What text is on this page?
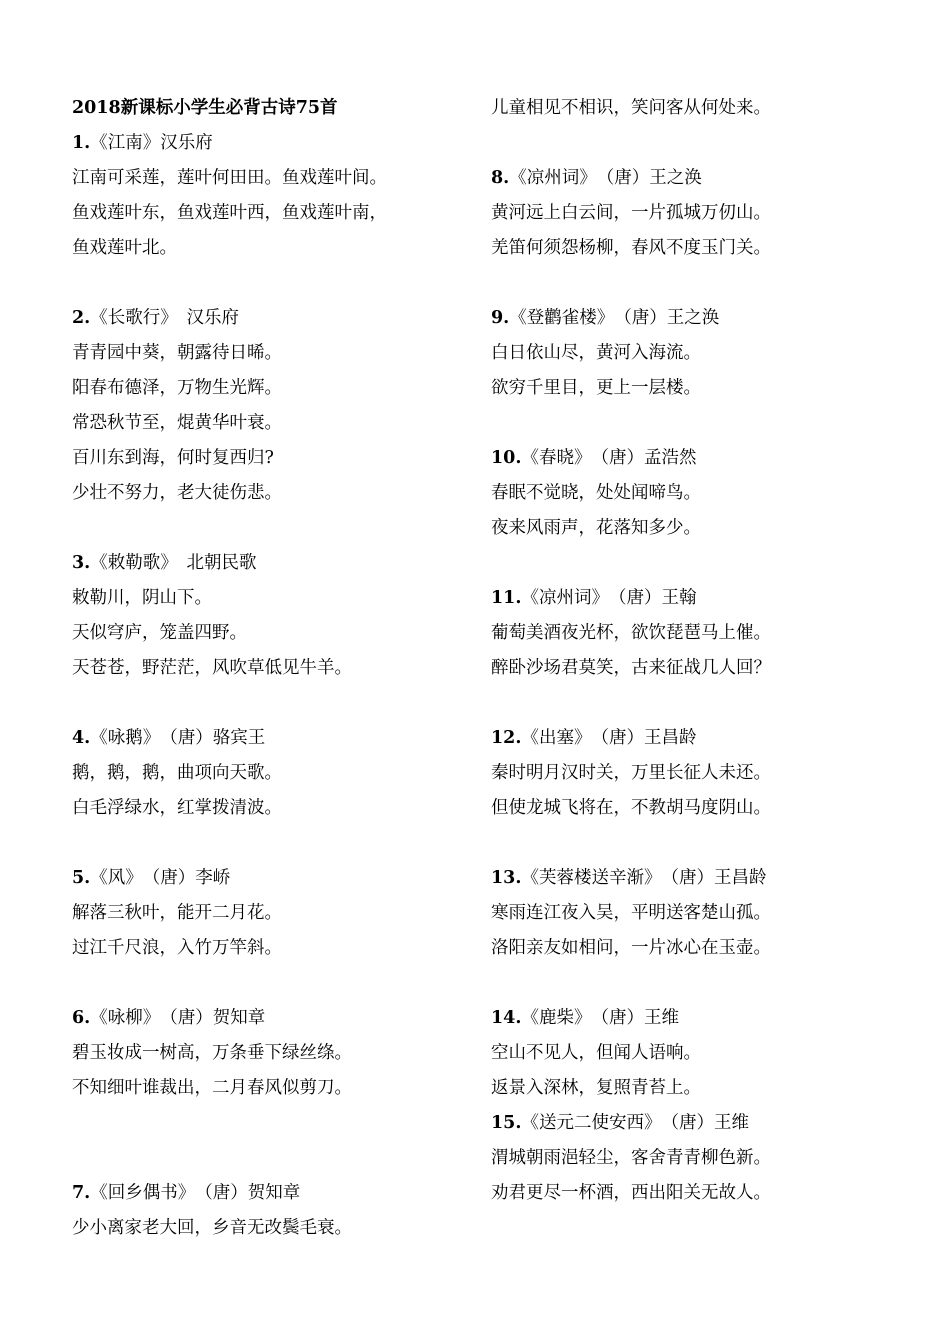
2018新课标小学生必背古诗75首
1.《江南》汉乐府
江南可采莲，莲叶何田田。鱼戏莲叶间。
鱼戏莲叶东，鱼戏莲叶西，鱼戏莲叶南，
鱼戏莲叶北。
2.《长歌行》　汉乐府
青青园中葵，朝露待日晞。
阳春布德泽，万物生光辉。
常恐秋节至，焜黄华叶衰。
百川东到海，何时复西归?
少壮不努力，老大徒伤悲。
3.《敕勒歌》　北朝民歌
敕勒川，阴山下。
天似穹庐，笼盖四野。
天苍苍，野茫茫，风吹草低见牛羊。
4.《咏鹅》　（唐）骆宾王
鹅，鹅，鹅，曲项向天歌。
白毛浮绿水，红掌拨清波。
5.《风》　（唐）李峤
解落三秋叶，能开二月花。
过江千尺浪，入竹万竿斜。
6.《咏柳》　（唐）贺知章
碧玉妆成一树高，万条垂下绿丝绦。
不知细叶谁裁出，二月春风似剪刀。
7.《回乡偶书》　（唐）贺知章
少小离家老大回，乡音无改鬓毛衰。
儿童相见不相识，笑问客从何处来。
8.《凉州词》　（唐）王之涣
黄河远上白云间，一片孤城万仞山。
羌笛何须怨杨柳，春风不度玉门关。
9.《登鹳雀楼》　（唐）王之涣
白日依山尽，黄河入海流。
欲穷千里目，更上一层楼。
10.《春晓》　（唐）孟浩然
春眠不觉晓，处处闻啼鸟。
夜来风雨声，花落知多少。
11.《凉州词》　（唐）王翰
葡萄美酒夜光杯，欲饮琵琶马上催。
醉卧沙场君莫笑，古来征战几人回？
12.《出塞》　（唐）王昌龄
秦时明月汉时关，万里长征人未还。
但使龙城飞将在，不教胡马度阴山。
13.《芙蓉楼送辛渐》　（唐）王昌龄
寒雨连江夜入吴，平明送客楚山孤。
洛阳亲友如相问，一片冰心在玉壶。
14.《鹿柴》　（唐）王维
空山不见人，但闻人语响。
返景入深林，复照青苔上。
15.《送元二使安西》　（唐）王维
渭城朝雨浥轻尘，客舍青青柳色新。
劝君更尽一杯酒，西出阳关无故人。
